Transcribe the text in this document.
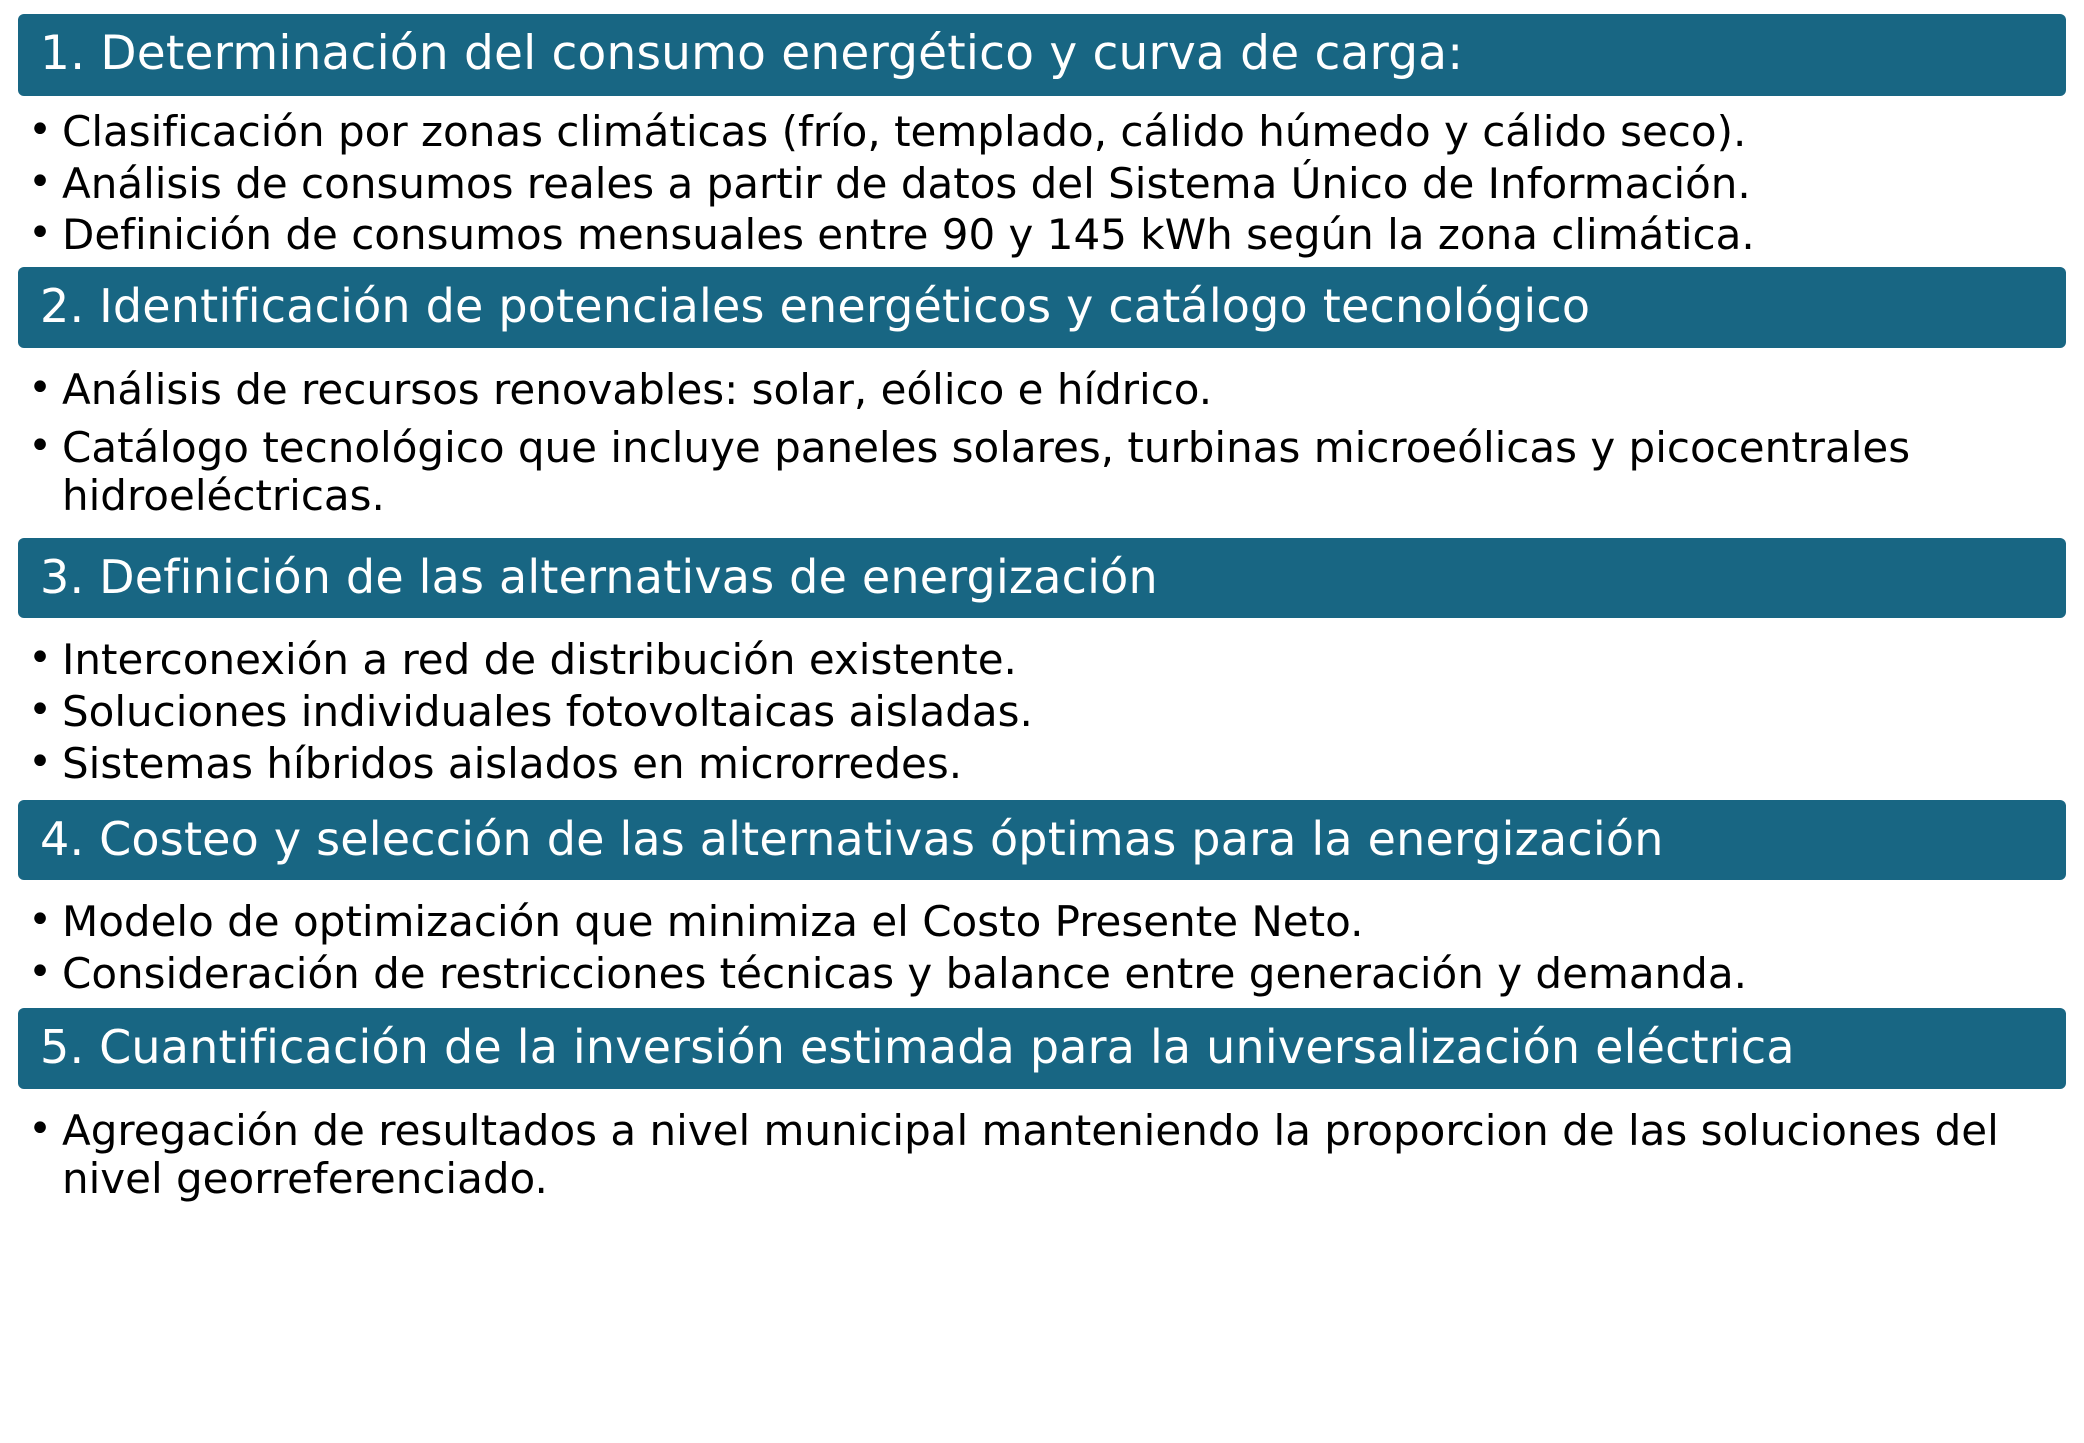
1. Determinación del consumo energético y curva de carga:
• Clasificación por zonas climáticas (frío, templado, cálido húmedo y cálido seco).
• Análisis de consumos reales a partir de datos del Sistema Único de Información.
• Definición de consumos mensuales entre 90 y 145 kWh según la zona climática.
2. Identificación de potenciales energéticos y catálogo tecnológico
• Análisis de recursos renovables: solar, eólico e hídrico.
• Catálogo tecnológico que incluye paneles solares, turbinas microeólicas y picocentrales hidroeléctricas.
3. Definición de las alternativas de energización
• Interconexión a red de distribución existente.
• Soluciones individuales fotovoltaicas aisladas.
• Sistemas híbridos aislados en microrredes.
4. Costeo y selección de las alternativas óptimas para la energización
• Modelo de optimización que minimiza el Costo Presente Neto.
• Consideración de restricciones técnicas y balance entre generación y demanda.
5. Cuantificación de la inversión estimada para la universalización eléctrica
• Agregación de resultados a nivel municipal manteniendo la proporcion de las soluciones del nivel georreferenciado.
